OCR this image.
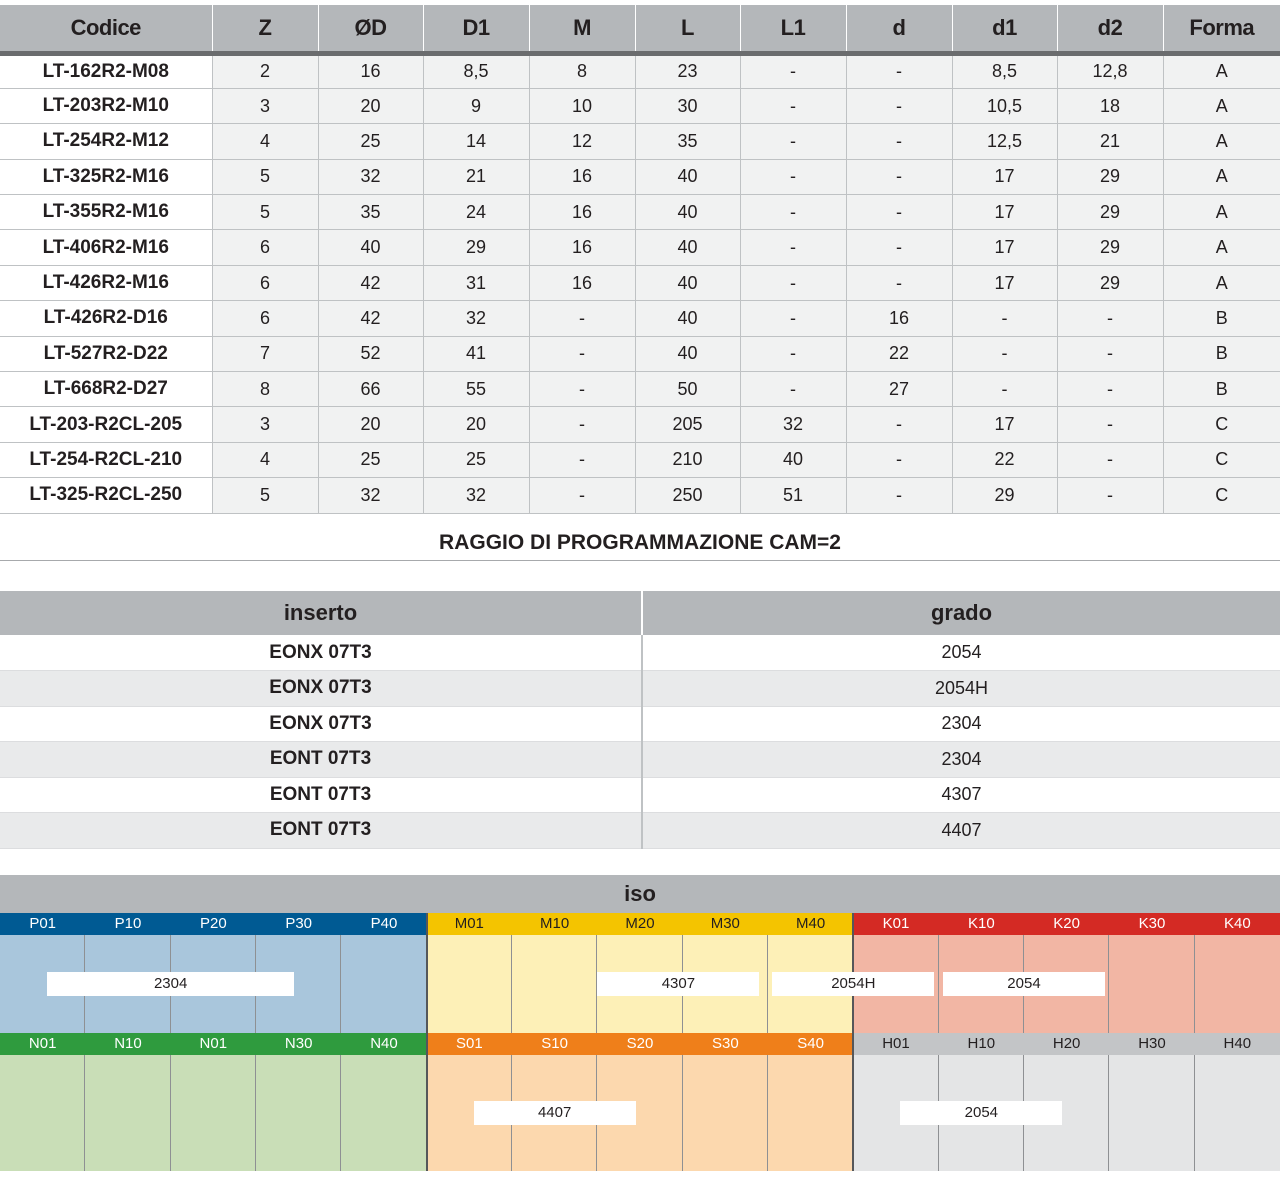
Codice	Z	ØD	D1	M	L	L1	d	d1	d2	Forma
LT-162R2-M08	2	16	8,5	8	23	-	-	8,5	12,8	A
LT-203R2-M10	3	20	9	10	30	-	-	10,5	18	A
LT-254R2-M12	4	25	14	12	35	-	-	12,5	21	A
LT-325R2-M16	5	32	21	16	40	-	-	17	29	A
LT-355R2-M16	5	35	24	16	40	-	-	17	29	A
LT-406R2-M16	6	40	29	16	40	-	-	17	29	A
LT-426R2-M16	6	42	31	16	40	-	-	17	29	A
LT-426R2-D16	6	42	32	-	40	-	16	-	-	B
LT-527R2-D22	7	52	41	-	40	-	22	-	-	B
LT-668R2-D27	8	66	55	-	50	-	27	-	-	B
LT-203-R2CL-205	3	20	20	-	205	32	-	17	-	C
LT-254-R2CL-210	4	25	25	-	210	40	-	22	-	C
LT-325-R2CL-250	5	32	32	-	250	51	-	29	-	C
RAGGIO DI PROGRAMMAZIONE CAM=2
inserto	grado
EONX 07T3	2054
EONX 07T3	2054H
EONX 07T3	2304
EONT 07T3	2304
EONT 07T3	4307
EONT 07T3	4407
iso
P01	P10	P20	P30	P40	M01	M10	M20	M30	M40	K01	K10	K20	K30	K40
2304	4307	2054H	2054
N01	N10	N01	N30	N40	S01	S10	S20	S30	S40	H01	H10	H20	H30	H40
4407	2054
